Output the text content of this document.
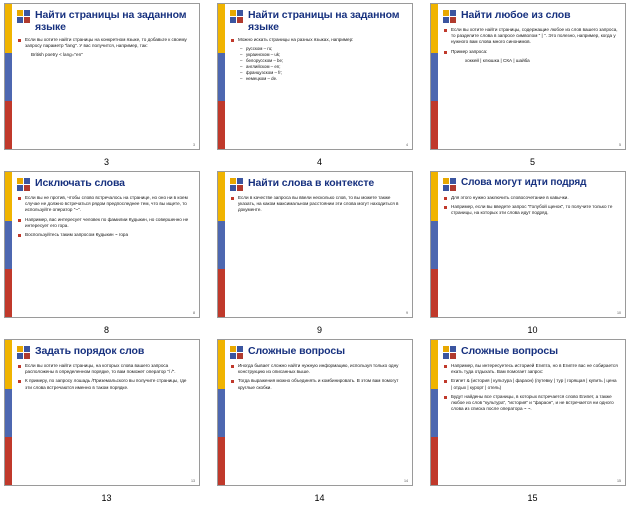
Найти страницы на заданном языке
Если вы хотите найти страницы на конкретном языке, то добавьте к своему запросу параметр "lang". У вас получится, например, так:
British poetry < lang="en"
3
3
Найти страницы на заданном языке
Можно искать страницы на разных языках, например:
– русском – ru;
– украинском – uk;
– белорусском – be;
– английском – en;
– французском – fr;
– немецком – de.
4
4
Найти любое из слов
Если вы хотите найти страницы, содержащие любое из слов вашего запроса, то разделите слова в запросе символом " | ". Это полезно, например, когда у нужного вам слова много синонимов.
Пример запроса:
хоккей | клюшка | СКА | шайба
5
5
Исключать слова
Если вы не против, чтобы слово встречалось на странице, но оно ни в коем случае не должно встречаться рядом предпоследнее тем, что вы ищете, то используйте оператор "~".
Например, вас интересует человек по фамилии Кудыкин, но совершенно не интересует его гора.
Воспользуйтесь таким запросом Кудыкин ~ гора
8
8
Найти слова в контексте
Если в качестве запроса вы ввели несколько слов, то вы можете также указать, на каком максимальном расстоянии эти слова могут находиться в документе.
9
9
Слова могут идти подряд
Для этого нужно заключить словосочетание в кавычки.
Например, если вы введете запрос "Голубой щенок", то получите только те страницы, на которых эти слова идут подряд.
10
10
Задать порядок слов
Если вы хотите найти страницы, на которых слова вашего запроса расположены в определенном порядке, то вам поможет оператор "/ /".
К примеру, по запросу лошадь /Приземальского вы получите страницы, где эти слова встречаются именно в таком порядке.
13
13
Сложные вопросы
Иногда бывает сложно найти нужную информацию, используя только одну конструкцию из описанных выше.
Тогда выражения можно объединять и комбинировать. В этом вам помогут круглые скобки.
14
14
Сложные вопросы
Например, вы интересуетесь историей Египта, но в Египте вас не собирается ехать туда отдыхать. Вам помогает запрос:
Египет & (история | культура | фараон) (путевку | тур | горящая | купить | цена | отдых | курорт | отель)
Будут найдены все страницы, в которых встречается слово Египет, а также любое из слов "культура", "история" и "фараон", и не встречается ни одного слова из списка после оператора ~ ~.
15
15
